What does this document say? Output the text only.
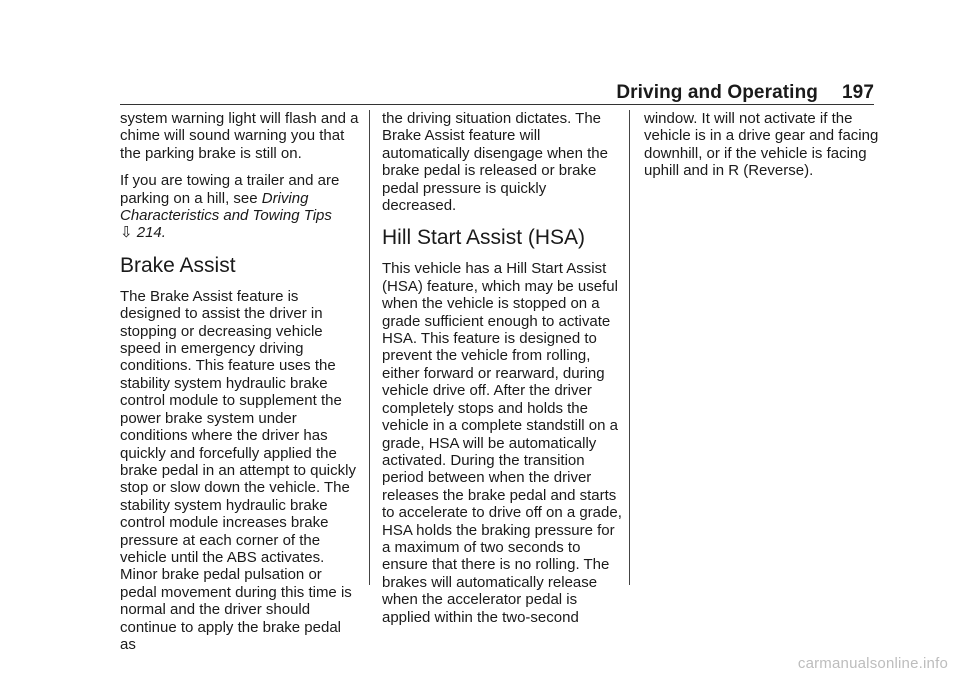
Driving and Operating 197

system warning light will flash and a chime will sound warning you that the parking brake is still on.

If you are towing a trailer and are parking on a hill, see Driving Characteristics and Towing Tips
⇩ 214.

Brake Assist

The Brake Assist feature is designed to assist the driver in stopping or decreasing vehicle speed in emergency driving conditions. This feature uses the stability system hydraulic brake control module to supplement the power brake system under conditions where the driver has quickly and forcefully applied the brake pedal in an attempt to quickly stop or slow down the vehicle. The stability system hydraulic brake control module increases brake pressure at each corner of the vehicle until the ABS activates. Minor brake pedal pulsation or pedal movement during this time is normal and the driver should continue to apply the brake pedal as

the driving situation dictates. The Brake Assist feature will automatically disengage when the brake pedal is released or brake pedal pressure is quickly decreased.

Hill Start Assist (HSA)

This vehicle has a Hill Start Assist (HSA) feature, which may be useful when the vehicle is stopped on a grade sufficient enough to activate HSA. This feature is designed to prevent the vehicle from rolling, either forward or rearward, during vehicle drive off. After the driver completely stops and holds the vehicle in a complete standstill on a grade, HSA will be automatically activated. During the transition period between when the driver releases the brake pedal and starts to accelerate to drive off on a grade, HSA holds the braking pressure for a maximum of two seconds to ensure that there is no rolling. The brakes will automatically release when the accelerator pedal is applied within the two-second

window. It will not activate if the vehicle is in a drive gear and facing downhill, or if the vehicle is facing uphill and in R (Reverse).

carmanualsonline.info
